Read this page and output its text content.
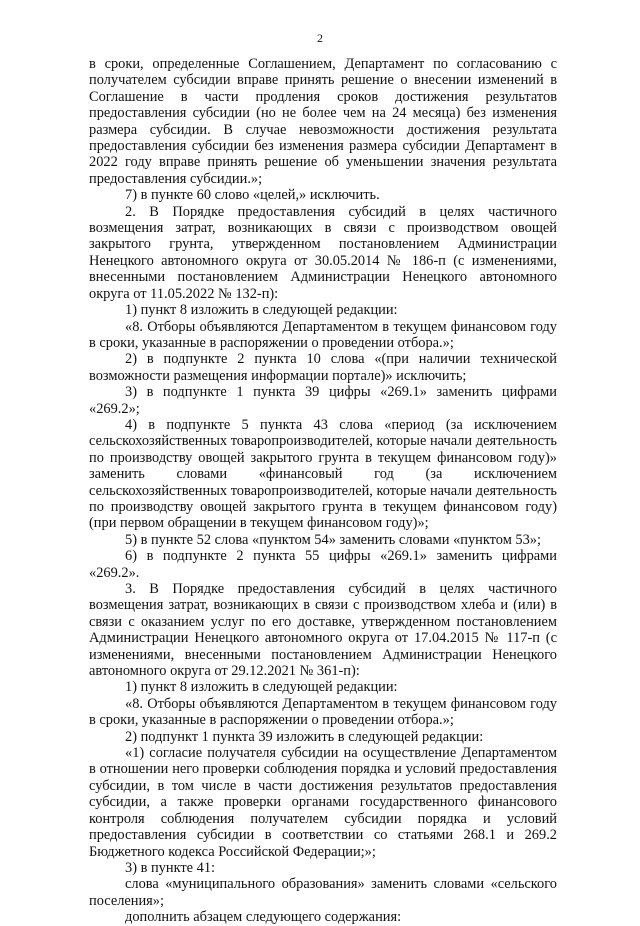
2

в сроки, определенные Соглашением, Департамент по согласованию с получателем субсидии вправе принять решение о внесении изменений в Соглашение в части продления сроков достижения результатов предоставления субсидии (но не более чем на 24 месяца) без изменения размера субсидии. В случае невозможности достижения результата предоставления субсидии без изменения размера субсидии Департамент в 2022 году вправе принять решение об уменьшении значения результата предоставления субсидии.»;

7) в пункте 60 слово «целей,» исключить.

2. В Порядке предоставления субсидий в целях частичного возмещения затрат, возникающих в связи с производством овощей закрытого грунта, утвержденном постановлением Администрации Ненецкого автономного округа от 30.05.2014 № 186-п (с изменениями, внесенными постановлением Администрации Ненецкого автономного округа от 11.05.2022 № 132-п):

1) пункт 8 изложить в следующей редакции:

«8. Отборы объявляются Департаментом в текущем финансовом году в сроки, указанные в распоряжении о проведении отбора.»;

2) в подпункте 2 пункта 10 слова «(при наличии технической возможности размещения информации портале)» исключить;

3) в подпункте 1 пункта 39 цифры «269.1» заменить цифрами «269.2»;

4) в подпункте 5 пункта 43 слова «период (за исключением сельскохозяйственных товаропроизводителей, которые начали деятельность по производству овощей закрытого грунта в текущем финансовом году)» заменить словами «финансовый год (за исключением сельскохозяйственных товаропроизводителей, которые начали деятельность по производству овощей закрытого грунта в текущем финансовом году) (при первом обращении в текущем финансовом году)»;

5) в пункте 52 слова «пунктом 54» заменить словами «пунктом 53»;

6) в подпункте 2 пункта 55 цифры «269.1» заменить цифрами «269.2».

3. В Порядке предоставления субсидий в целях частичного возмещения затрат, возникающих в связи с производством хлеба и (или) в связи с оказанием услуг по его доставке, утвержденном постановлением Администрации Ненецкого автономного округа от 17.04.2015 № 117-п (с изменениями, внесенными постановлением Администрации Ненецкого автономного округа от 29.12.2021 № 361-п):

1) пункт 8 изложить в следующей редакции:

«8. Отборы объявляются Департаментом в текущем финансовом году в сроки, указанные в распоряжении о проведении отбора.»;

2) подпункт 1 пункта 39 изложить в следующей редакции:

«1) согласие получателя субсидии на осуществление Департаментом в отношении него проверки соблюдения порядка и условий предоставления субсидии, в том числе в части достижения результатов предоставления субсидии, а также проверки органами государственного финансового контроля соблюдения получателем субсидии порядка и условий предоставления субсидии в соответствии со статьями 268.1 и 269.2 Бюджетного кодекса Российской Федерации;»;

3) в пункте 41:

слова «муниципального образования» заменить словами «сельского поселения»;

дополнить абзацем следующего содержания:
